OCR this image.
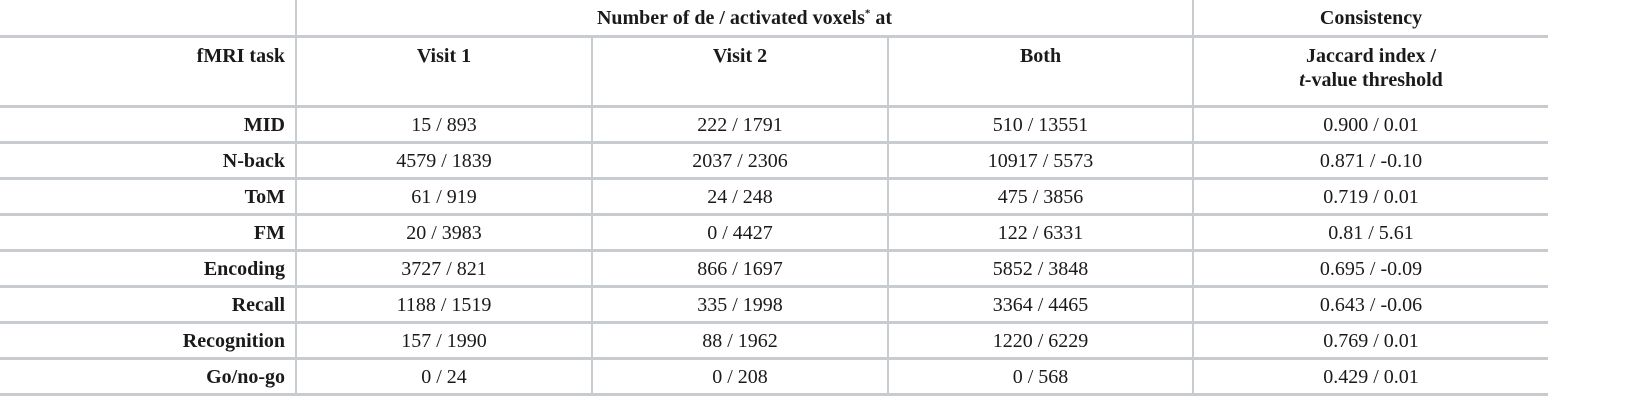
	Number of de / activated voxels* at			Consistency
fMRI task	Visit 1	Visit 2	Both	Jaccard index /
t-value threshold
MID	15 / 893	222 / 1791	510 / 13551	0.900 / 0.01
N-back	4579 / 1839	2037 / 2306	10917 / 5573	0.871 / -0.10
ToM	61 / 919	24 / 248	475 / 3856	0.719 / 0.01
FM	20 / 3983	0 / 4427	122 / 6331	0.81 / 5.61
Encoding	3727 / 821	866 / 1697	5852 / 3848	0.695 / -0.09
Recall	1188 / 1519	335 / 1998	3364 / 4465	0.643 / -0.06
Recognition	157 / 1990	88 / 1962	1220 / 6229	0.769 / 0.01
Go/no-go	0 / 24	0 / 208	0 / 568	0.429 / 0.01
